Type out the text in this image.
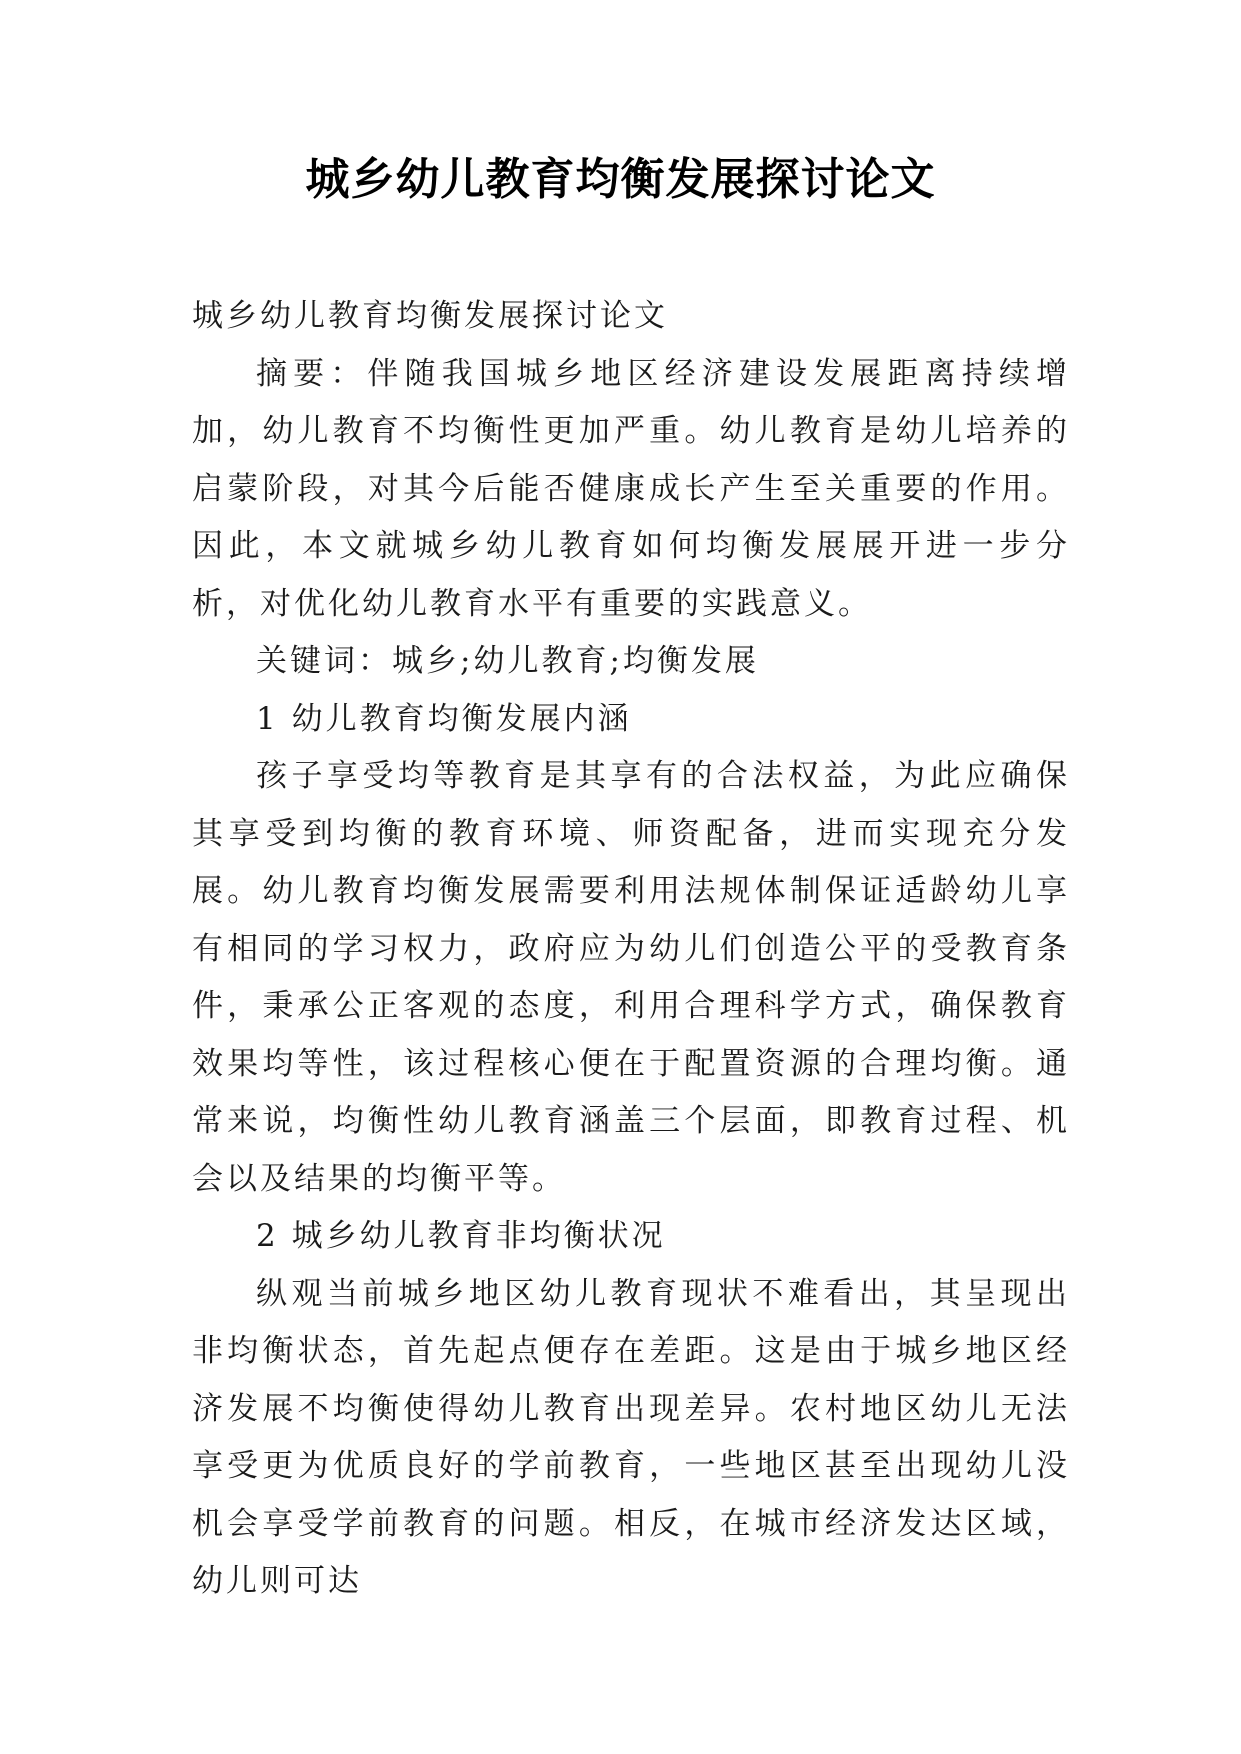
城乡幼儿教育均衡发展探讨论文

城乡幼儿教育均衡发展探讨论文

摘要：伴随我国城乡地区经济建设发展距离持续增加，幼儿教育不均衡性更加严重。幼儿教育是幼儿培养的启蒙阶段，对其今后能否健康成长产生至关重要的作用。因此，本文就城乡幼儿教育如何均衡发展展开进一步分析，对优化幼儿教育水平有重要的实践意义。

关键词：城乡;幼儿教育;均衡发展

1 幼儿教育均衡发展内涵

孩子享受均等教育是其享有的合法权益，为此应确保其享受到均衡的教育环境、师资配备，进而实现充分发展。幼儿教育均衡发展需要利用法规体制保证适龄幼儿享有相同的学习权力，政府应为幼儿们创造公平的受教育条件，秉承公正客观的态度，利用合理科学方式，确保教育效果均等性，该过程核心便在于配置资源的合理均衡。通常来说，均衡性幼儿教育涵盖三个层面，即教育过程、机会以及结果的均衡平等。

2 城乡幼儿教育非均衡状况

纵观当前城乡地区幼儿教育现状不难看出，其呈现出非均衡状态，首先起点便存在差距。这是由于城乡地区经济发展不均衡使得幼儿教育出现差异。农村地区幼儿无法享受更为优质良好的学前教育，一些地区甚至出现幼儿没机会享受学前教育的问题。相反，在城市经济发达区域，幼儿则可达
